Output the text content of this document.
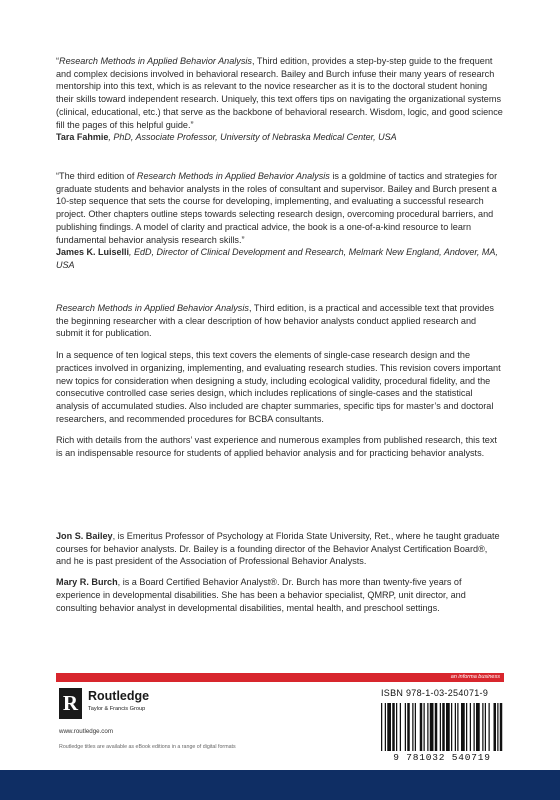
“Research Methods in Applied Behavior Analysis, Third edition, provides a step-by-step guide to the frequent and complex decisions involved in behavioral research. Bailey and Burch infuse their many years of research mentorship into this text, which is as relevant to the novice researcher as it is to the doctoral student honing their skills toward independent research. Uniquely, this text offers tips on navigating the organizational systems (clinical, educational, etc.) that serve as the backbone of behavioral research. Wisdom, logic, and good science fill the pages of this helpful guide.”

Tara Fahmie, PhD, Associate Professor, University of Nebraska Medical Center, USA

“The third edition of Research Methods in Applied Behavior Analysis is a goldmine of tactics and strategies for graduate students and behavior analysts in the roles of consultant and supervisor. Bailey and Burch present a 10-step sequence that sets the course for developing, implementing, and evaluating a successful research project. Other chapters outline steps towards selecting research design, overcoming procedural barriers, and publishing findings. A model of clarity and practical advice, the book is a one-of-a-kind resource to learn fundamental behavior analysis research skills.”

James K. Luiselli, EdD, Director of Clinical Development and Research, Melmark New England, Andover, MA, USA

Research Methods in Applied Behavior Analysis, Third edition, is a practical and accessible text that provides the beginning researcher with a clear description of how behavior analysts conduct applied research and submit it for publication.

In a sequence of ten logical steps, this text covers the elements of single-case research design and the practices involved in organizing, implementing, and evaluating research studies. This revision covers important new topics for consideration when designing a study, including ecological validity, procedural fidelity, and the consecutive controlled case series design, which includes replications of single-cases and the statistical analysis of accumulated studies. Also included are chapter summaries, specific tips for master’s and doctoral researchers, and recommended procedures for BCBA consultants.

Rich with details from the authors’ vast experience and numerous examples from published research, this text is an indispensable resource for students of applied behavior analysis and for practicing behavior analysts.

Jon S. Bailey, is Emeritus Professor of Psychology at Florida State University, Ret., where he taught graduate courses for behavior analysts. Dr. Bailey is a founding director of the Behavior Analyst Certification Board®, and he is past president of the Association of Professional Behavior Analysts.

Mary R. Burch, is a Board Certified Behavior Analyst®. Dr. Burch has more than twenty-five years of experience in developmental disabilities. She has been a behavior specialist, QMRP, unit director, and consulting behavior analyst in developmental disabilities, mental health, and preschool settings.

an informa business
R Routledge
Taylor & Francis Group
www.routledge.com
Routledge titles are available as eBook editions in a range of digital formats
ISBN 978-1-03-254071-9
9 781032 540719
